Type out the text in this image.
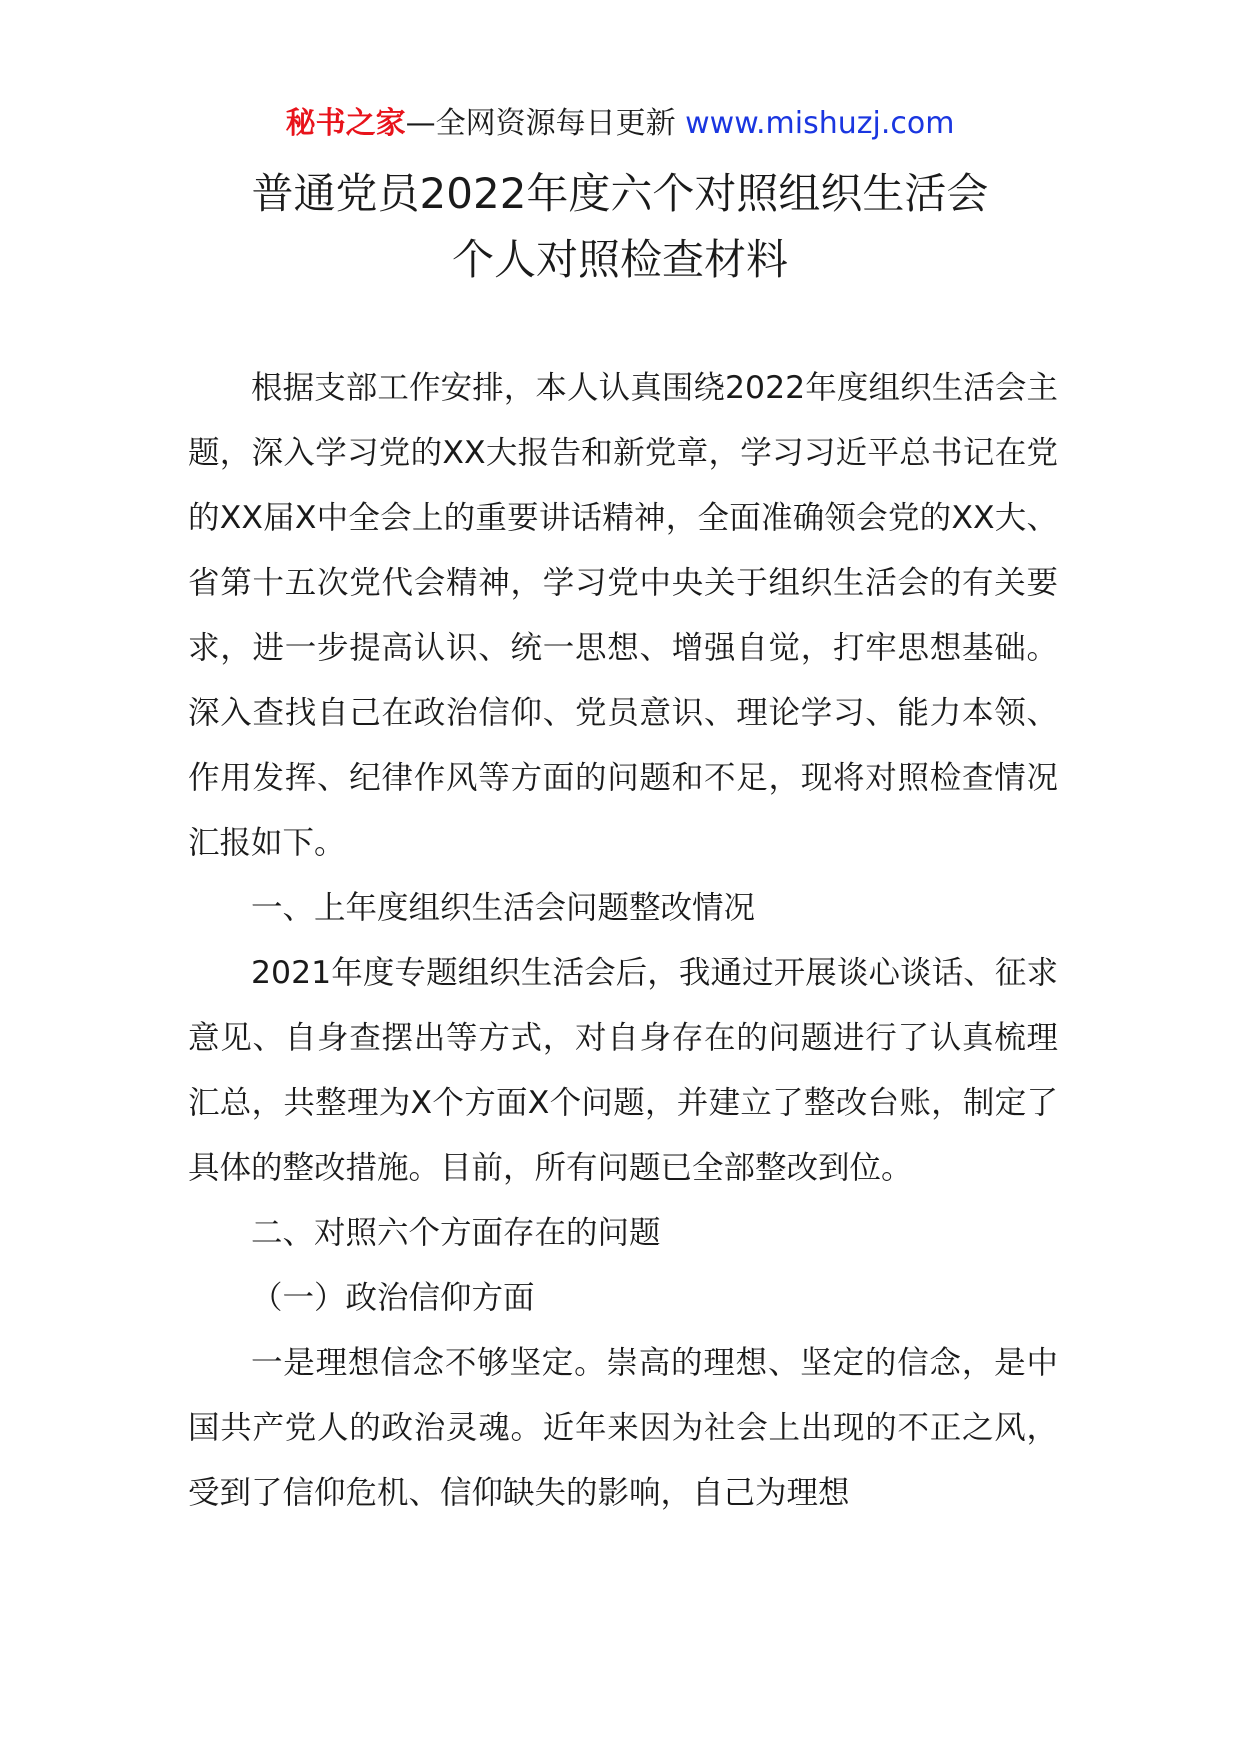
秘书之家—全网资源每日更新 www.mishuzj.com
普通党员2022年度六个对照组织生活会
个人对照检查材料

根据支部工作安排，本人认真围绕2022年度组织生活会主题，深入学习党的XX大报告和新党章，学习习近平总书记在党的XX届X中全会上的重要讲话精神，全面准确领会党的XX大、省第十五次党代会精神，学习党中央关于组织生活会的有关要求，进一步提高认识、统一思想、增强自觉，打牢思想基础。深入查找自己在政治信仰、党员意识、理论学习、能力本领、作用发挥、纪律作风等方面的问题和不足，现将对照检查情况汇报如下。

一、上年度组织生活会问题整改情况

2021年度专题组织生活会后，我通过开展谈心谈话、征求意见、自身查摆出等方式，对自身存在的问题进行了认真梳理汇总，共整理为X个方面X个问题，并建立了整改台账，制定了具体的整改措施。目前，所有问题已全部整改到位。

二、对照六个方面存在的问题

（一）政治信仰方面

一是理想信念不够坚定。崇高的理想、坚定的信念，是中国共产党人的政治灵魂。近年来因为社会上出现的不正之风，受到了信仰危机、信仰缺失的影响，自己为理想
